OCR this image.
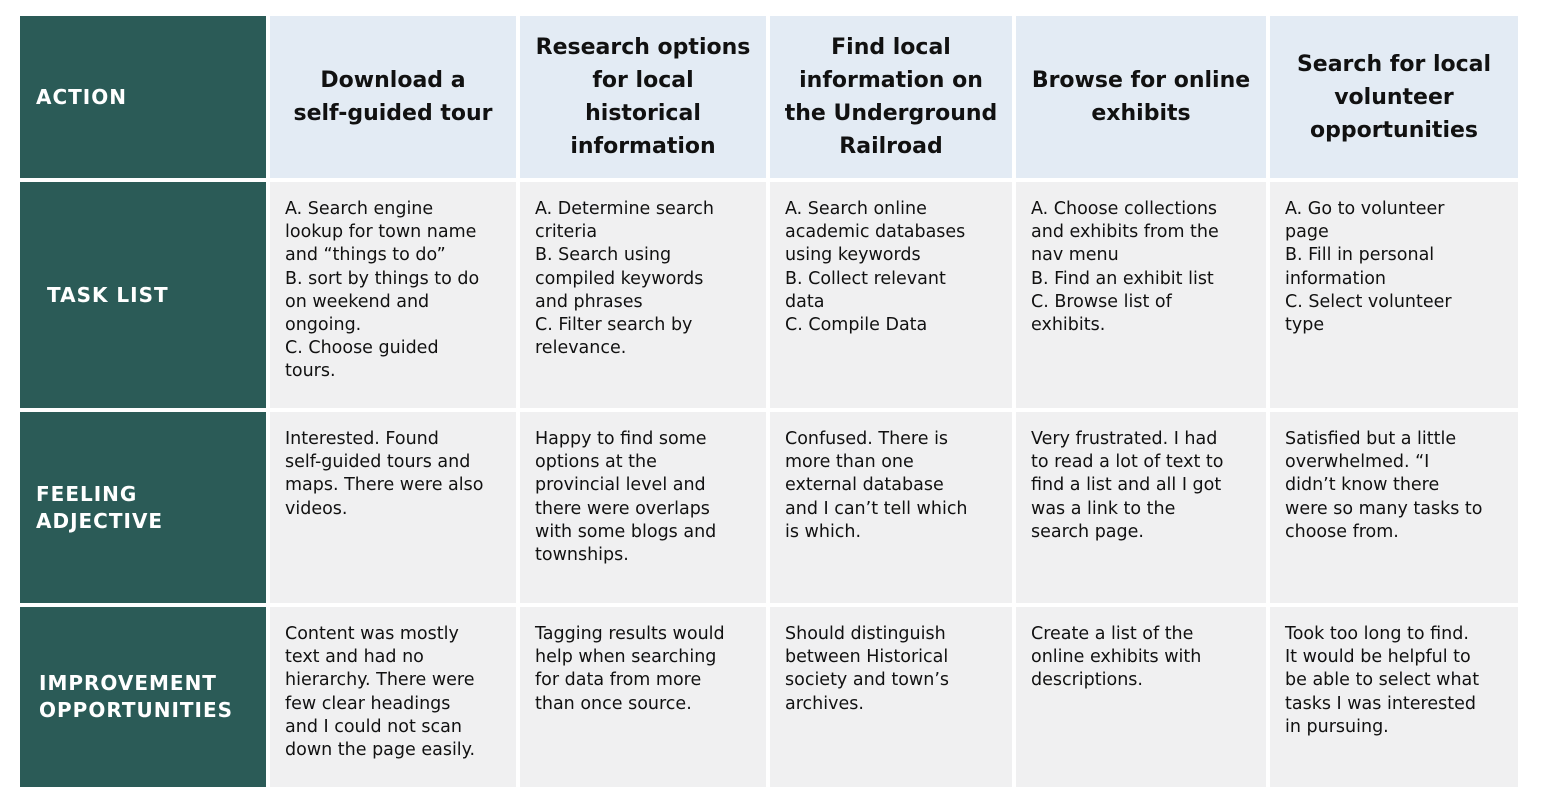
ACTION
Download a
self-guided tour
Research options
for local
historical
information
Find local
information on
the Underground
Railroad
Browse for online
exhibits
Search for local
volunteer
opportunities
TASK LIST
A. Search engine
lookup for town name
and “things to do”
B. sort by things to do
on weekend and
ongoing.
C. Choose guided
tours.
A. Determine search
criteria
B. Search using
compiled keywords
and phrases
C. Filter search by
relevance.
A. Search online
academic databases
using keywords
B. Collect relevant
data
C. Compile Data
A. Choose collections
and exhibits from the
nav menu
B. Find an exhibit list
C. Browse list of
exhibits.
A. Go to volunteer
page
B. Fill in personal
information
C. Select volunteer
type
FEELING
ADJECTIVE
Interested. Found
self-guided tours and
maps. There were also
videos.
Happy to find some
options at the
provincial level and
there were overlaps
with some blogs and
townships.
Confused. There is
more than one
external database
and I can’t tell which
is which.
Very frustrated. I had
to read a lot of text to
find a list and all I got
was a link to the
search page.
Satisfied but a little
overwhelmed. “I
didn’t know there
were so many tasks to
choose from.
IMPROVEMENT
OPPORTUNITIES
Content was mostly
text and had no
hierarchy. There were
few clear headings
and I could not scan
down the page easily.
Tagging results would
help when searching
for data from more
than once source.
Should distinguish
between Historical
society and town’s
archives.
Create a list of the
online exhibits with
descriptions.
Took too long to find.
It would be helpful to
be able to select what
tasks I was interested
in pursuing.
